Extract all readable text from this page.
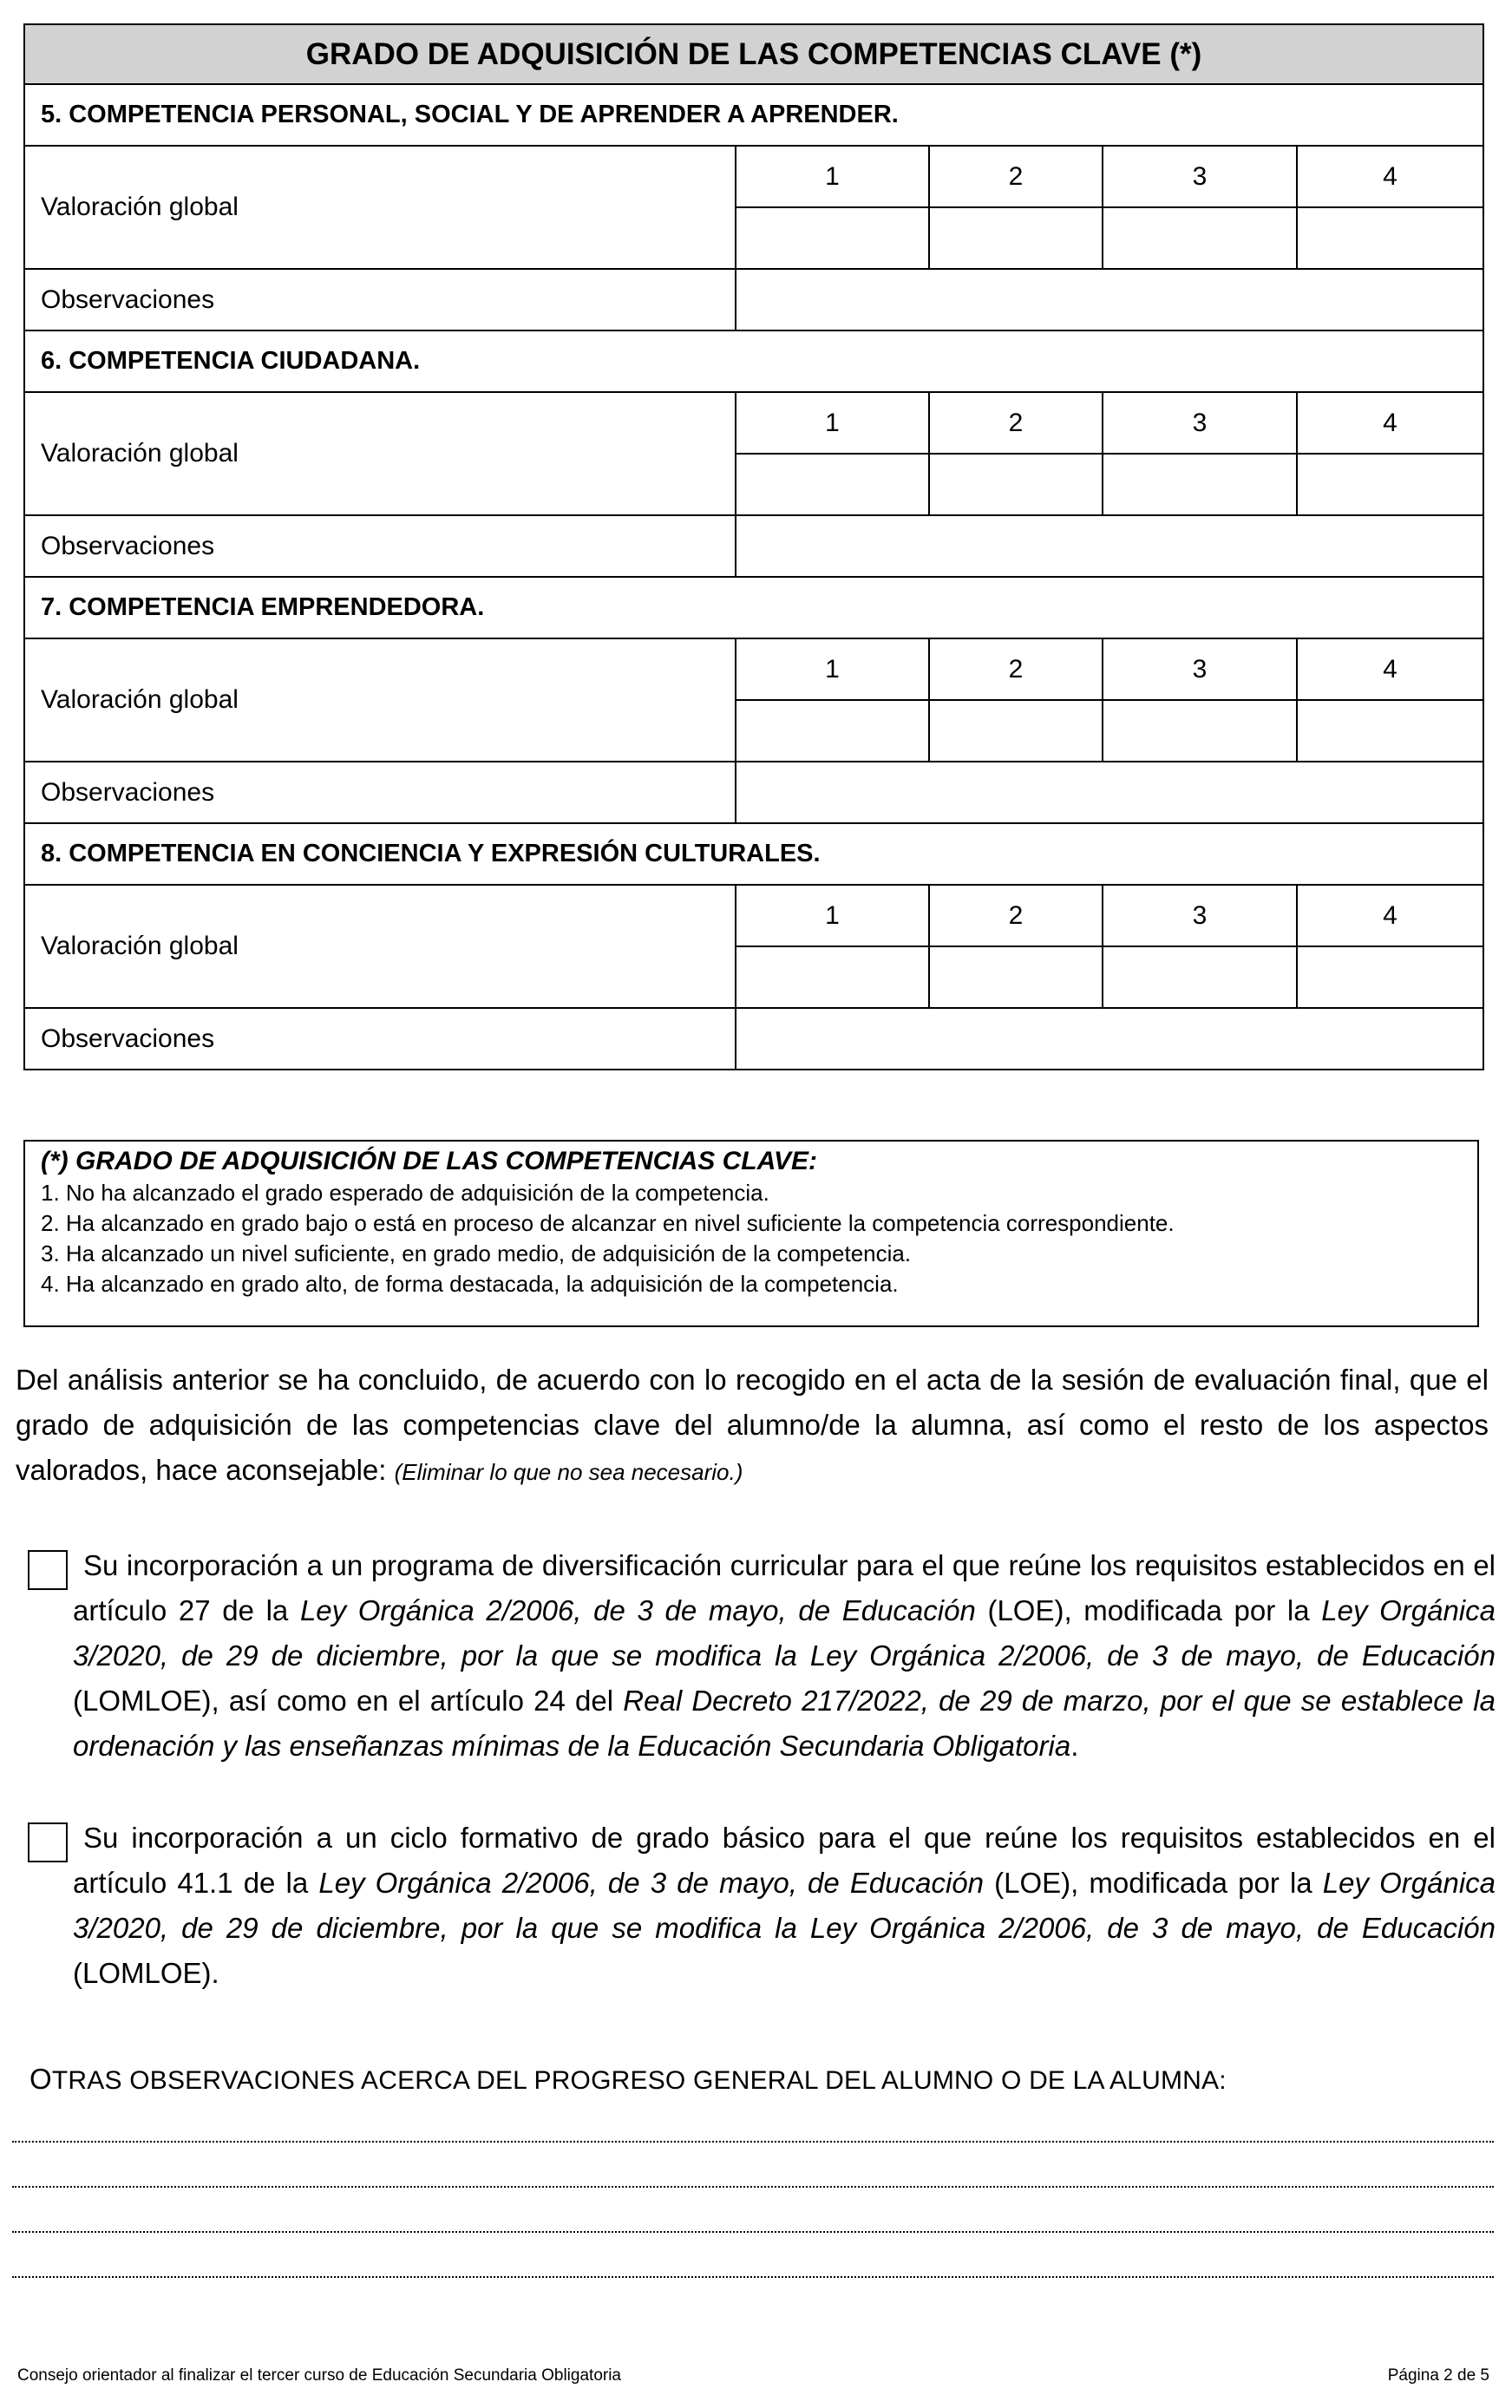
GRADO DE ADQUISICIÓN DE LAS COMPETENCIAS CLAVE (*)				
5. COMPETENCIA PERSONAL, SOCIAL Y DE APRENDER A APRENDER.				
Valoración global	1	2	3	4

Observaciones				
6. COMPETENCIA CIUDADANA.				
Valoración global	1	2	3	4

Observaciones				
7. COMPETENCIA EMPRENDEDORA.				
Valoración global	1	2	3	4

Observaciones				
8. COMPETENCIA EN CONCIENCIA Y EXPRESIÓN CULTURALES.				
Valoración global	1	2	3	4

Observaciones				
(*) GRADO DE ADQUISICIÓN DE LAS COMPETENCIAS CLAVE:
1. No ha alcanzado el grado esperado de adquisición de la competencia.
2. Ha alcanzado en grado bajo o está en proceso de alcanzar en nivel suficiente la competencia correspondiente.
3. Ha alcanzado un nivel suficiente, en grado medio, de adquisición de la competencia.
4. Ha alcanzado en grado alto, de forma destacada, la adquisición de la competencia.
Del análisis anterior se ha concluido, de acuerdo con lo recogido en el acta de la sesión de evaluación final, que el grado de adquisición de las competencias clave del alumno/de la alumna, así como el resto de los aspectos valorados, hace aconsejable: (Eliminar lo que no sea necesario.)
Su incorporación a un programa de diversificación curricular para el que reúne los requisitos establecidos en el artículo 27 de la Ley Orgánica 2/2006, de 3 de mayo, de Educación (LOE), modificada por la Ley Orgánica 3/2020, de 29 de diciembre, por la que se modifica la Ley Orgánica 2/2006, de 3 de mayo, de Educación (LOMLOE), así como en el artículo 24 del Real Decreto 217/2022, de 29 de marzo, por el que se establece la ordenación y las enseñanzas mínimas de la Educación Secundaria Obligatoria.
Su incorporación a un ciclo formativo de grado básico para el que reúne los requisitos establecidos en el artículo 41.1 de la Ley Orgánica 2/2006, de 3 de mayo, de Educación (LOE), modificada por la Ley Orgánica 3/2020, de 29 de diciembre, por la que se modifica la Ley Orgánica 2/2006, de 3 de mayo, de Educación (LOMLOE).
OTRAS OBSERVACIONES ACERCA DEL PROGRESO GENERAL DEL ALUMNO O DE LA ALUMNA:
Consejo orientador al finalizar el tercer curso de Educación Secundaria Obligatoria	Página 2 de 5
